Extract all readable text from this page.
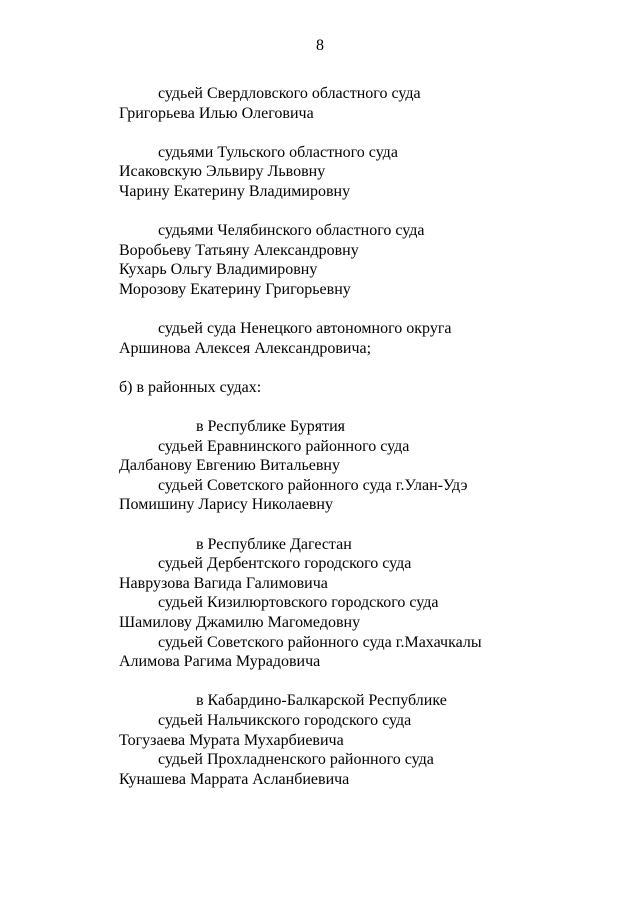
8
судьей Свердловского областного суда
Григорьева Илью Олеговича
судьями Тульского областного суда
Исаковскую Эльвиру Львовну
Чарину Екатерину Владимировну
судьями Челябинского областного суда
Воробьеву Татьяну Александровну
Кухарь Ольгу Владимировну
Морозову Екатерину Григорьевну
судьей суда Ненецкого автономного округа
Аршинова Алексея Александровича;
б) в районных судах:
в Республике Бурятия
судьей Еравнинского районного суда
Далбанову Евгению Витальевну
судьей Советского районного суда г.Улан-Удэ
Помишину Ларису Николаевну
в Республике Дагестан
судьей Дербентского городского суда
Наврузова Вагида Галимовича
судьей Кизилюртовского городского суда
Шамилову Джамилю Магомедовну
судьей Советского районного суда г.Махачкалы
Алимова Рагима Мурадовича
в Кабардино-Балкарской Республике
судьей Нальчикского городского суда
Тогузаева Мурата Мухарбиевича
судьей Прохладненского районного суда
Кунашева Маррата Асланбиевича
